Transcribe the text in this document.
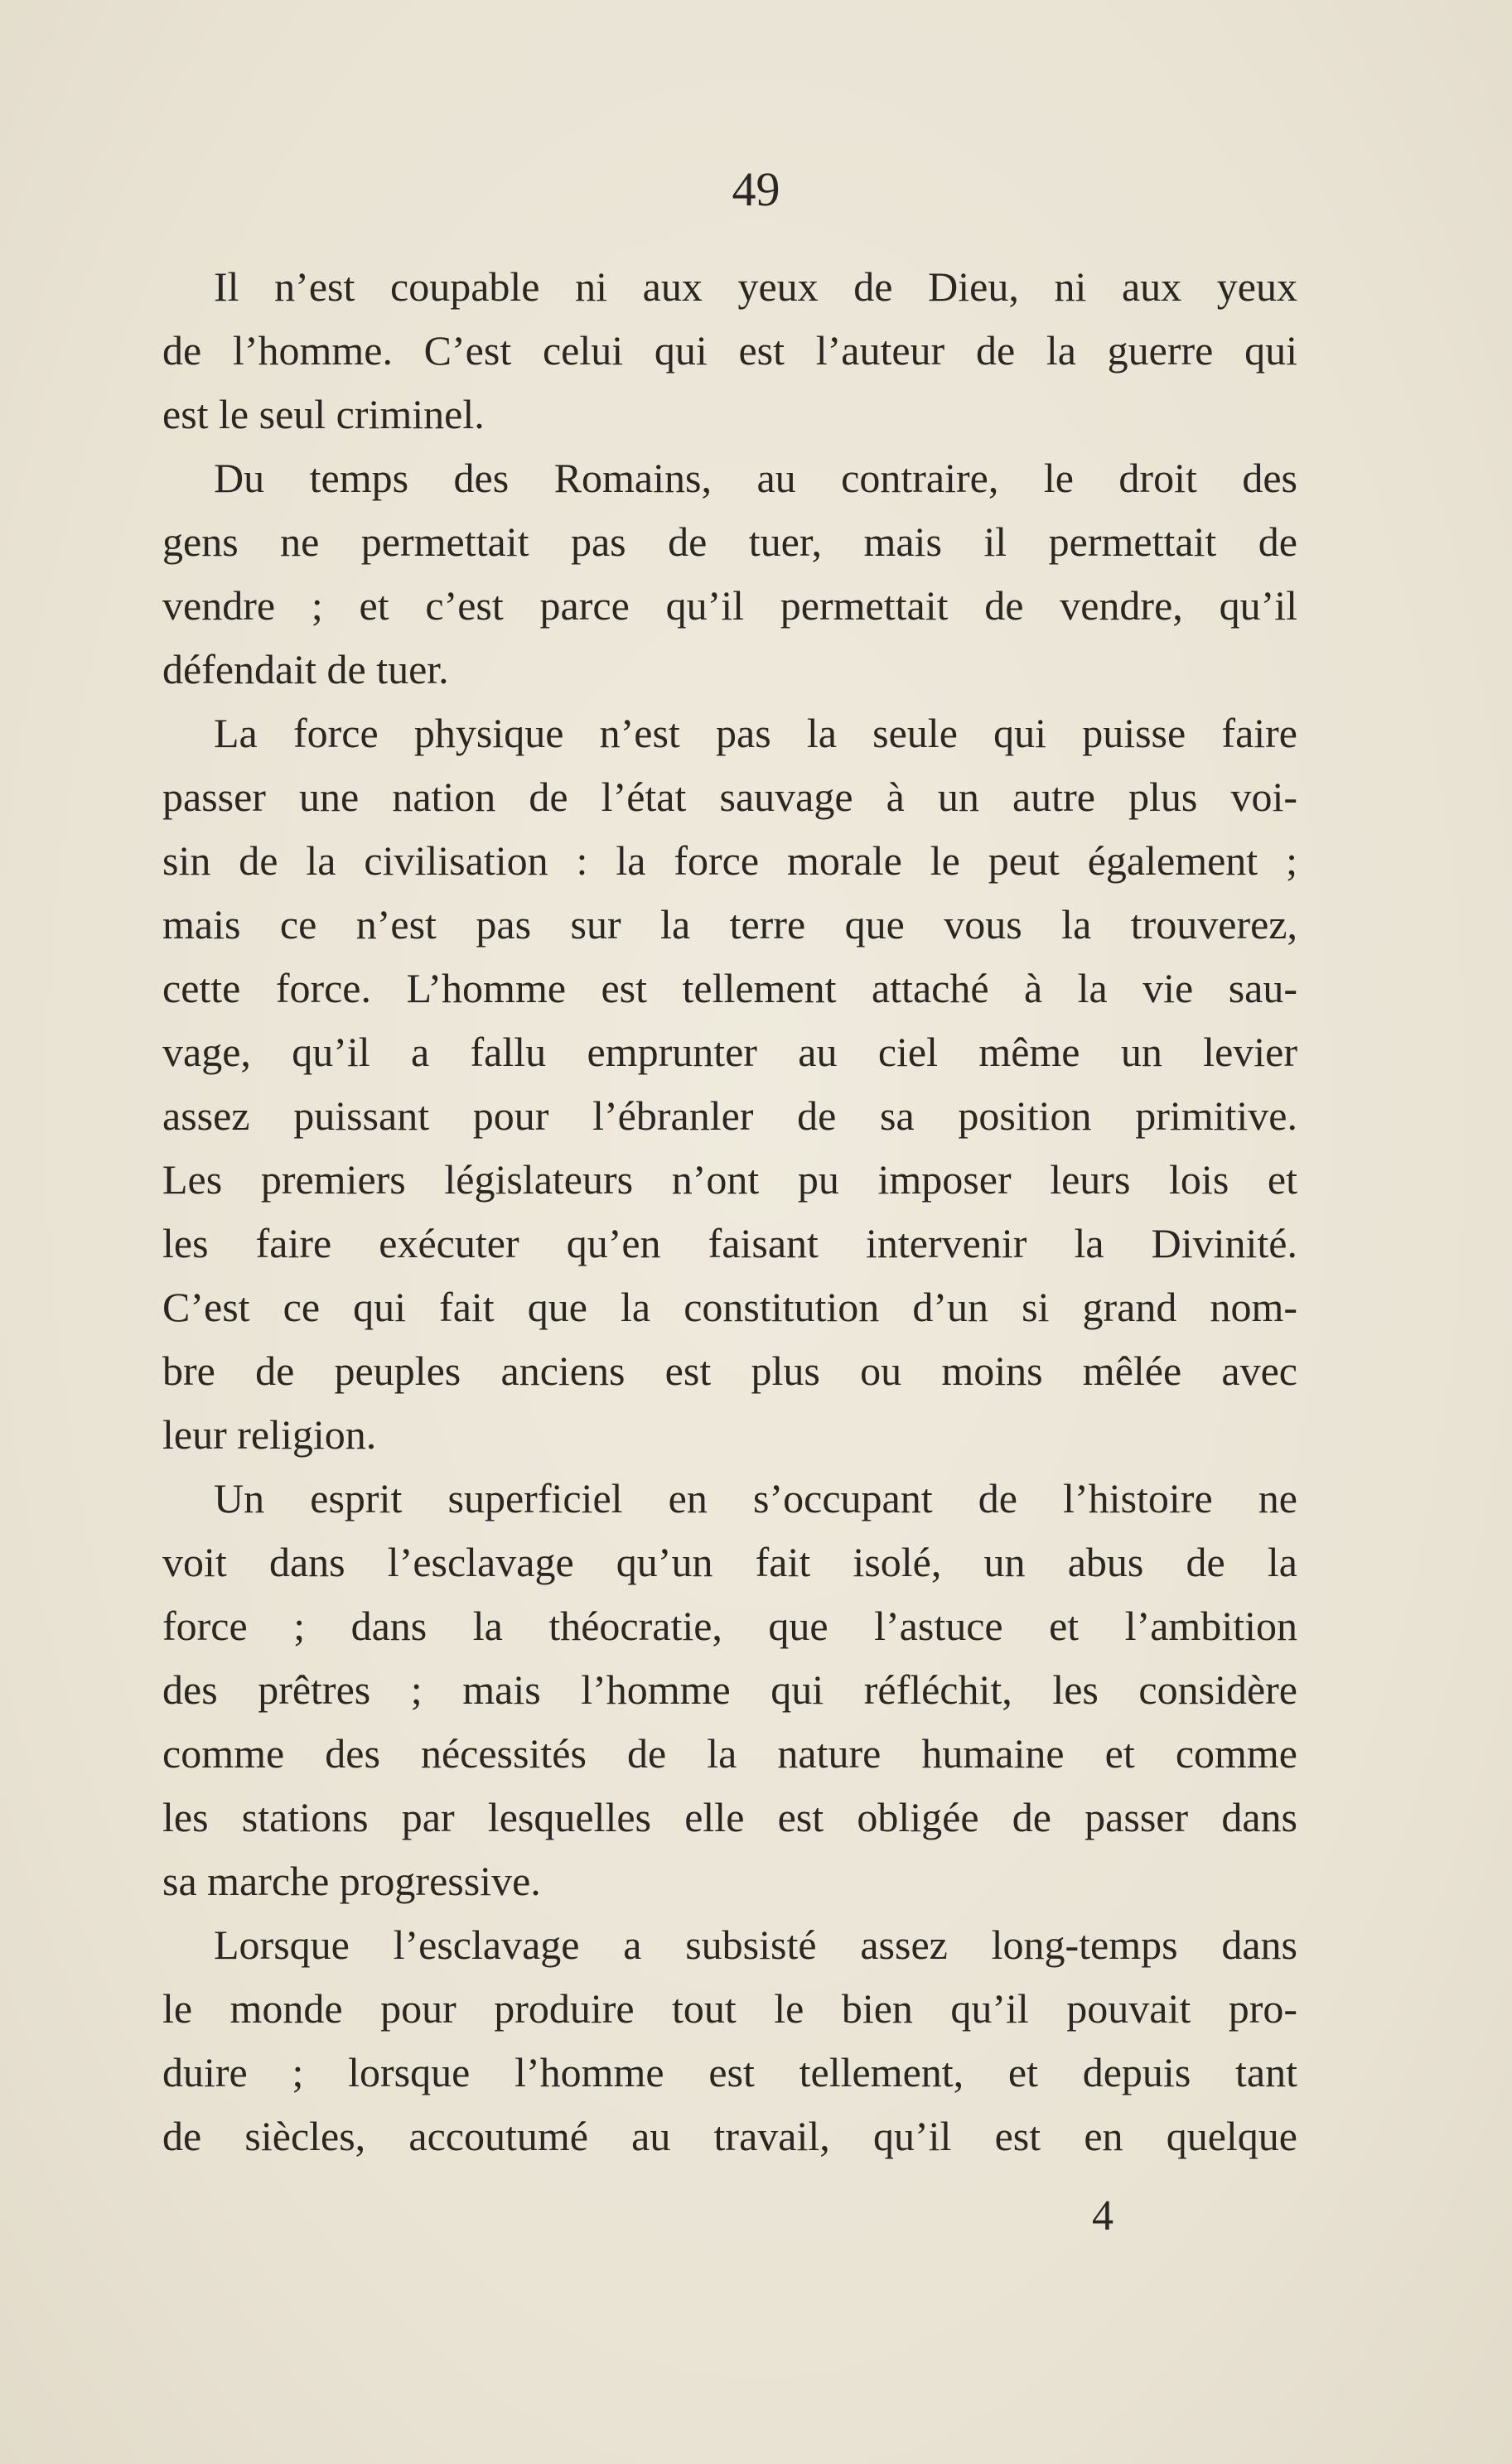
49
Il n’est coupable ni aux yeux de Dieu, ni aux yeux
de l’homme. C’est celui qui est l’auteur de la guerre qui
est le seul criminel.
Du temps des Romains, au contraire, le droit des
gens ne permettait pas de tuer, mais il permettait de
vendre ; et c’est parce qu’il permettait de vendre, qu’il
défendait de tuer.
La force physique n’est pas la seule qui puisse faire
passer une nation de l’état sauvage à un autre plus voi-
sin de la civilisation : la force morale le peut également ;
mais ce n’est pas sur la terre que vous la trouverez,
cette force. L’homme est tellement attaché à la vie sau-
vage, qu’il a fallu emprunter au ciel même un levier
assez puissant pour l’ébranler de sa position primitive.
Les premiers législateurs n’ont pu imposer leurs lois et
les faire exécuter qu’en faisant intervenir la Divinité.
C’est ce qui fait que la constitution d’un si grand nom-
bre de peuples anciens est plus ou moins mêlée avec
leur religion.
Un esprit superficiel en s’occupant de l’histoire ne
voit dans l’esclavage qu’un fait isolé, un abus de la
force ; dans la théocratie, que l’astuce et l’ambition
des prêtres ; mais l’homme qui réfléchit, les considère
comme des nécessités de la nature humaine et comme
les stations par lesquelles elle est obligée de passer dans
sa marche progressive.
Lorsque l’esclavage a subsisté assez long-temps dans
le monde pour produire tout le bien qu’il pouvait pro-
duire ; lorsque l’homme est tellement, et depuis tant
de siècles, accoutumé au travail, qu’il est en quelque
4
